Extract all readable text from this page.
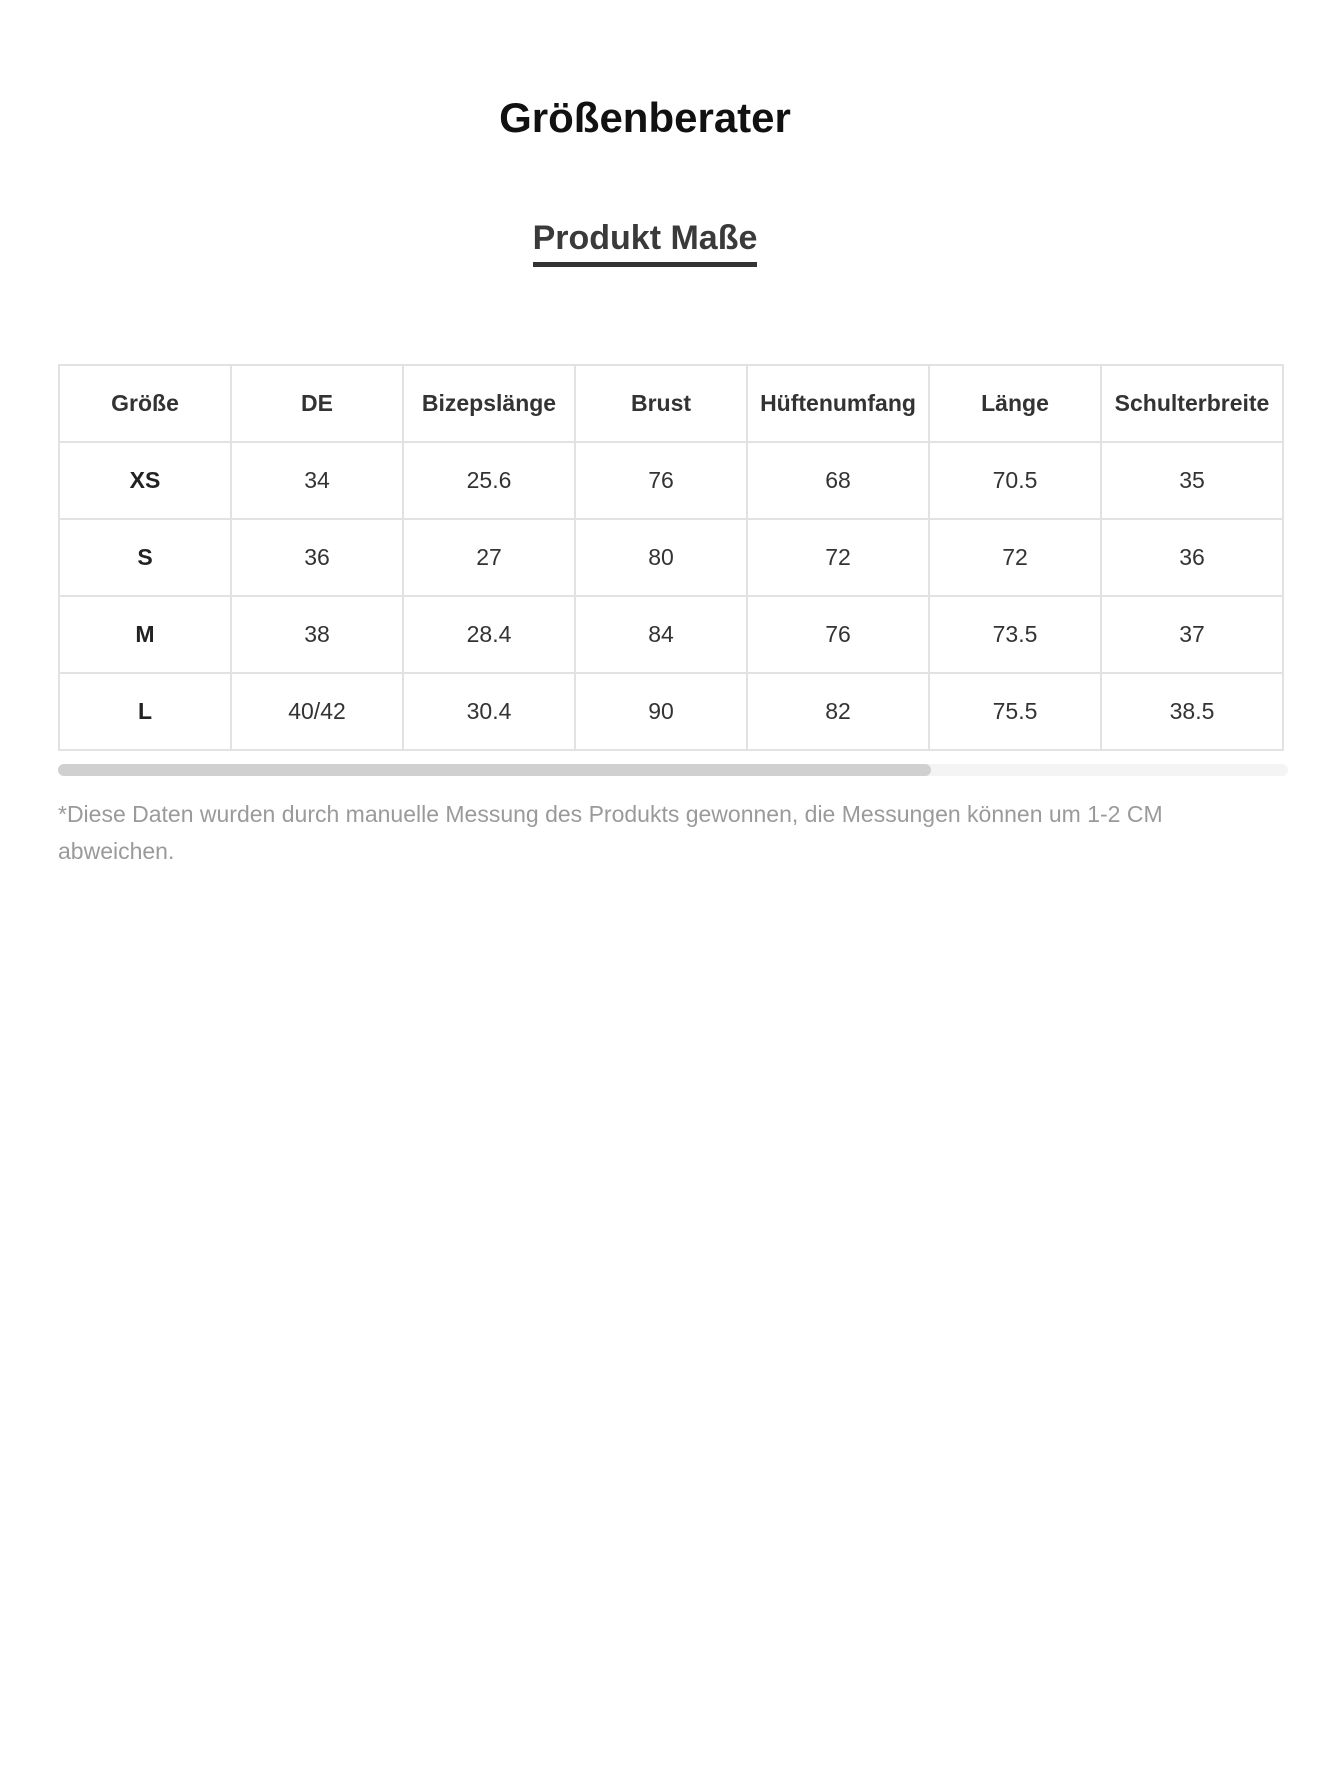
Größenberater
Produkt Maße
Größe	DE	Bizepslänge	Brust	Hüftenumfang	Länge	Schulterbreite
XS	34	25.6	76	68	70.5	35
S	36	27	80	72	72	36
M	38	28.4	84	76	73.5	37
L	40/42	30.4	90	82	75.5	38.5

*Diese Daten wurden durch manuelle Messung des Produkts gewonnen, die Messungen können um 1-2 CM abweichen.
